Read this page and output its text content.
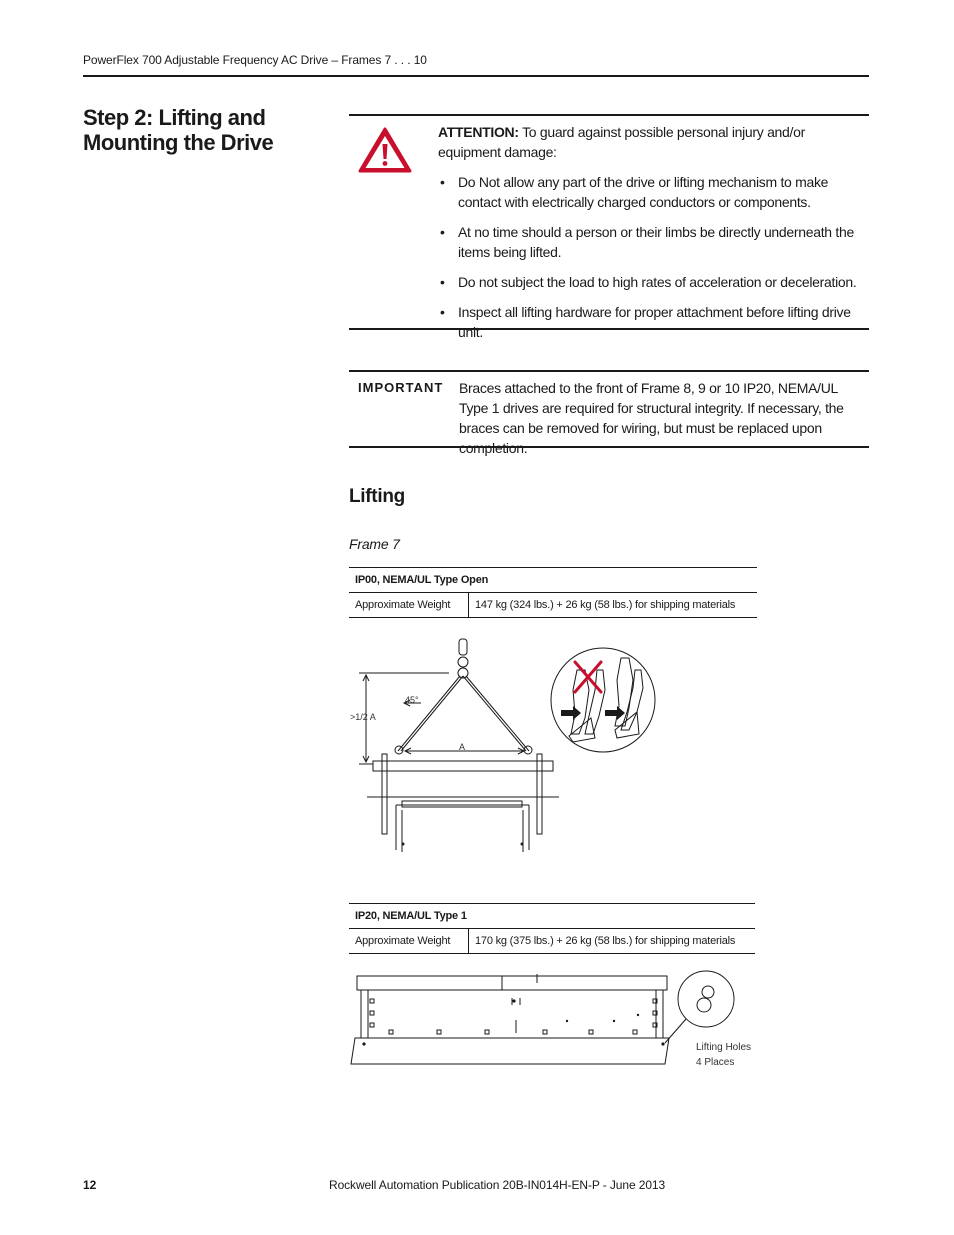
PowerFlex 700 Adjustable Frequency AC Drive – Frames 7 . . . 10
Step 2: Lifting and Mounting the Drive	ATTENTION: To guard against possible personal injury and/or equipment damage:
• Do Not allow any part of the drive or lifting mechanism to make contact with electrically charged conductors or components.
• At no time should a person or their limbs be directly underneath the items being lifted.
• Do not subject the load to high rates of acceleration or deceleration.
• Inspect all lifting hardware for proper attachment before lifting drive unit.
IMPORTANT Braces attached to the front of Frame 8, 9 or 10 IP20, NEMA/UL Type 1 drives are required for structural integrity. If necessary, the braces can be removed for wiring, but must be replaced upon completion.
Lifting
Frame 7
IP00, NEMA/UL Type Open
Approximate Weight	147 kg (324 lbs.) + 26 kg (58 lbs.) for shipping materials
45°
>1/2 A
A
IP20, NEMA/UL Type 1
Approximate Weight	170 kg (375 lbs.) + 26 kg (58 lbs.) for shipping materials
Lifting Holes
4 Places
12	Rockwell Automation Publication 20B-IN014H-EN-P - June 2013
